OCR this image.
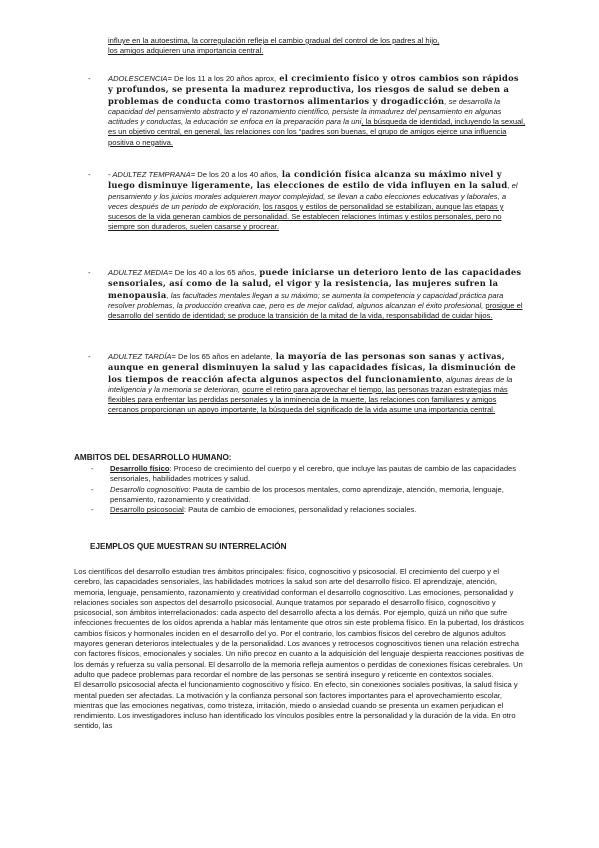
influye en la autoestima, la corregulación refleja el cambio gradual del control de los padres al hijo,
los amigos adquieren una importancia central.
- ADOLESCENCIA= De los 11 a los 20 años aprox, el crecimiento físico y otros cambios son rápidos y profundos, se presenta la madurez reproductiva, los riesgos de salud se deben a problemas de conducta como trastornos alimentarios y drogadicción, se desarrolla la capacidad del pensamiento abstracto y el razonamiento científico, persiste la inmadurez del pensamiento en algunas actitudes y conductas, la educación se enfoca en la preparación para la uni, la búsqueda de identidad, incluyendo la sexual, es un objetivo central, en general, las relaciones con los “padres son buenas, el grupo de amigos ejerce una influencia positiva o negativa.
- - ADULTEZ TEMPRANA= De los 20 a los 40 años, la condición física alcanza su máximo nivel y luego disminuye ligeramente, las elecciones de estilo de vida influyen en la salud, el pensamiento y los juicios morales adquieren mayor complejidad, se llevan a cabo elecciones educativas y laborales, a veces después de un periodo de exploración, los rasgos y estilos de personalidad se estabilizan, aunque las etapas y sucesos de la vida generan cambios de personalidad. Se establecen relaciones íntimas y estilos personales, pero no siempre son duraderos, suelen casarse y procrear.
- ADULTEZ MEDIA= De los 40 a los 65 años, puede iniciarse un deterioro lento de las capacidades sensoriales, así como de la salud, el vigor y la resistencia, las mujeres sufren la menopausia, las facultades mentales llegan a su máximo; se aumenta la competencia y capacidad práctica para resolver problemas, la producción creativa cae, pero es de mejor calidad, algunos alcanzan el éxito profesional, prosigue el desarrollo del sentido de identidad; se produce la transición de la mitad de la vida, responsabilidad de cuidar hijos.
- ADULTEZ TARDÍA= De los 65 años en adelante, la mayoría de las personas son sanas y activas, aunque en general disminuyen la salud y las capacidades físicas, la disminución de los tiempos de reacción afecta algunos aspectos del funcionamiento, algunas áreas de la inteligencia y la memoria se deterioran, ocurre el retiro para aprovechar el tiempo, las personas trazan estrategias más flexibles para enfrentar las perdidas personales y la inminencia de la muerte, las relaciones con familiares y amigos cercanos proporcionan un apoyo importante, la búsqueda del significado de la vida asume una importancia central.
AMBITOS DEL DESARROLLO HUMANO:
- Desarrollo físico: Proceso de crecimiento del cuerpo y el cerebro, que incluye las pautas de cambio de las capacidades sensoriales, habilidades motrices y salud.
- Desarrollo cognoscitivo: Pauta de cambio de los procesos mentales, como aprendizaje, atención, memoria, lenguaje, pensamiento, razonamiento y creatividad.
- Desarrollo psicosocial: Pauta de cambio de emociones, personalidad y relaciones sociales.
EJEMPLOS QUE MUESTRAN SU INTERRELACIÓN

Los científicos del desarrollo estudian tres ámbitos principales: físico, cognoscitivo y psicosocial. El crecimiento del cuerpo y el cerebro, las capacidades sensoriales, las habilidades motrices la salud son arte del desarrollo físico. El aprendizaje, atención, memoria, lenguaje, pensamiento, razonamiento y creatividad conforman el desarrollo cognoscitivo. Las emociones, personalidad y relaciones sociales son aspectos del desarrollo psicosocial. Aunque tratamos por separado el desarrollo físico, cognoscitivo y psicosocial, son ámbitos interrelacionados: cada aspecto del desarrollo afecta a los demás. Por ejemplo, quizá un niño que sufre infecciones frecuentes de los oídos aprenda a hablar más lentamente que otros sin este problema físico. En la pubertad, los drásticos cambios físicos y hormonales inciden en el desarrollo del yo. Por el contrario, los cambios físicos del cerebro de algunos adultos mayores generan deterioros intelectuales y de la personalidad. Los avances y retrocesos cognoscitivos tienen una relación estrecha con factores físicos, emocionales y sociales. Un niño precoz en cuanto a la adquisición del lenguaje despierta reacciones positivas de los demás y refuerza su valía personal. El desarrollo de la memoria refleja aumentos o perdidas de conexiones físicas cerebrales. Un adulto que padece problemas para recordar el nombre de las personas se sentirá inseguro y reticente en contextos sociales.

El desarrollo psicosocial afecta el funcionamiento cognoscitivo y físico. En efecto, sin conexiones sociales positivas, la salud física y mental pueden ser afectadas. La motivación y la confianza personal son factores importantes para el aprovechamiento escolar, mientras que las emociones negativas, como tristeza, irritación, miedo o ansiedad cuando se presenta un examen perjudican el rendimiento. Los investigadores incluso han identificado los vínculos posibles entre la personalidad y la duración de la vida. En otro sentido, las
